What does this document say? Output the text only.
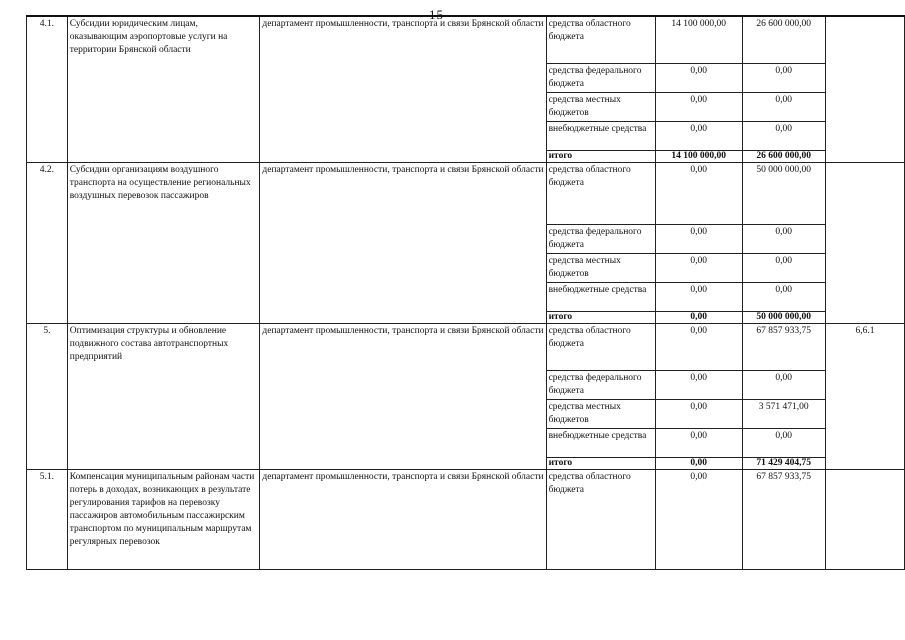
15
4.1.	Субсидии юридическим лицам, оказывающим аэропортовые услуги на территории Брянской области	департамент промышленности, транспорта и связи Брянской области	средства областного бюджета	14 100 000,00	26 600 000,00	
			средства федерального бюджета	0,00	0,00	
			средства местных бюджетов	0,00	0,00	
			внебюджетные средства	0,00	0,00	
			итого	14 100 000,00	26 600 000,00	
4.2.	Субсидии организациям воздушного транспорта на осуществление региональных воздушных перевозок пассажиров	департамент промышленности, транспорта и связи Брянской области	средства областного бюджета	0,00	50 000 000,00	
			средства федерального бюджета	0,00	0,00	
			средства местных бюджетов	0,00	0,00	
			внебюджетные средства	0,00	0,00	
			итого	0,00	50 000 000,00	
5.	Оптимизация структуры и обновление подвижного состава автотранспортных предприятий	департамент промышленности, транспорта и связи Брянской области	средства областного бюджета	0,00	67 857 933,75	6,6.1
			средства федерального бюджета	0,00	0,00	
			средства местных бюджетов	0,00	3 571 471,00	
			внебюджетные средства	0,00	0,00	
			итого	0,00	71 429 404,75	
5.1.	Компенсация муниципальным районам части потерь в доходах, возникающих в результате регулирования тарифов на перевозку пассажиров автомобильным пассажирским транспортом по муниципальным маршрутам регулярных перевозок	департамент промышленности, транспорта и связи Брянской области	средства областного бюджета	0,00	67 857 933,75	
